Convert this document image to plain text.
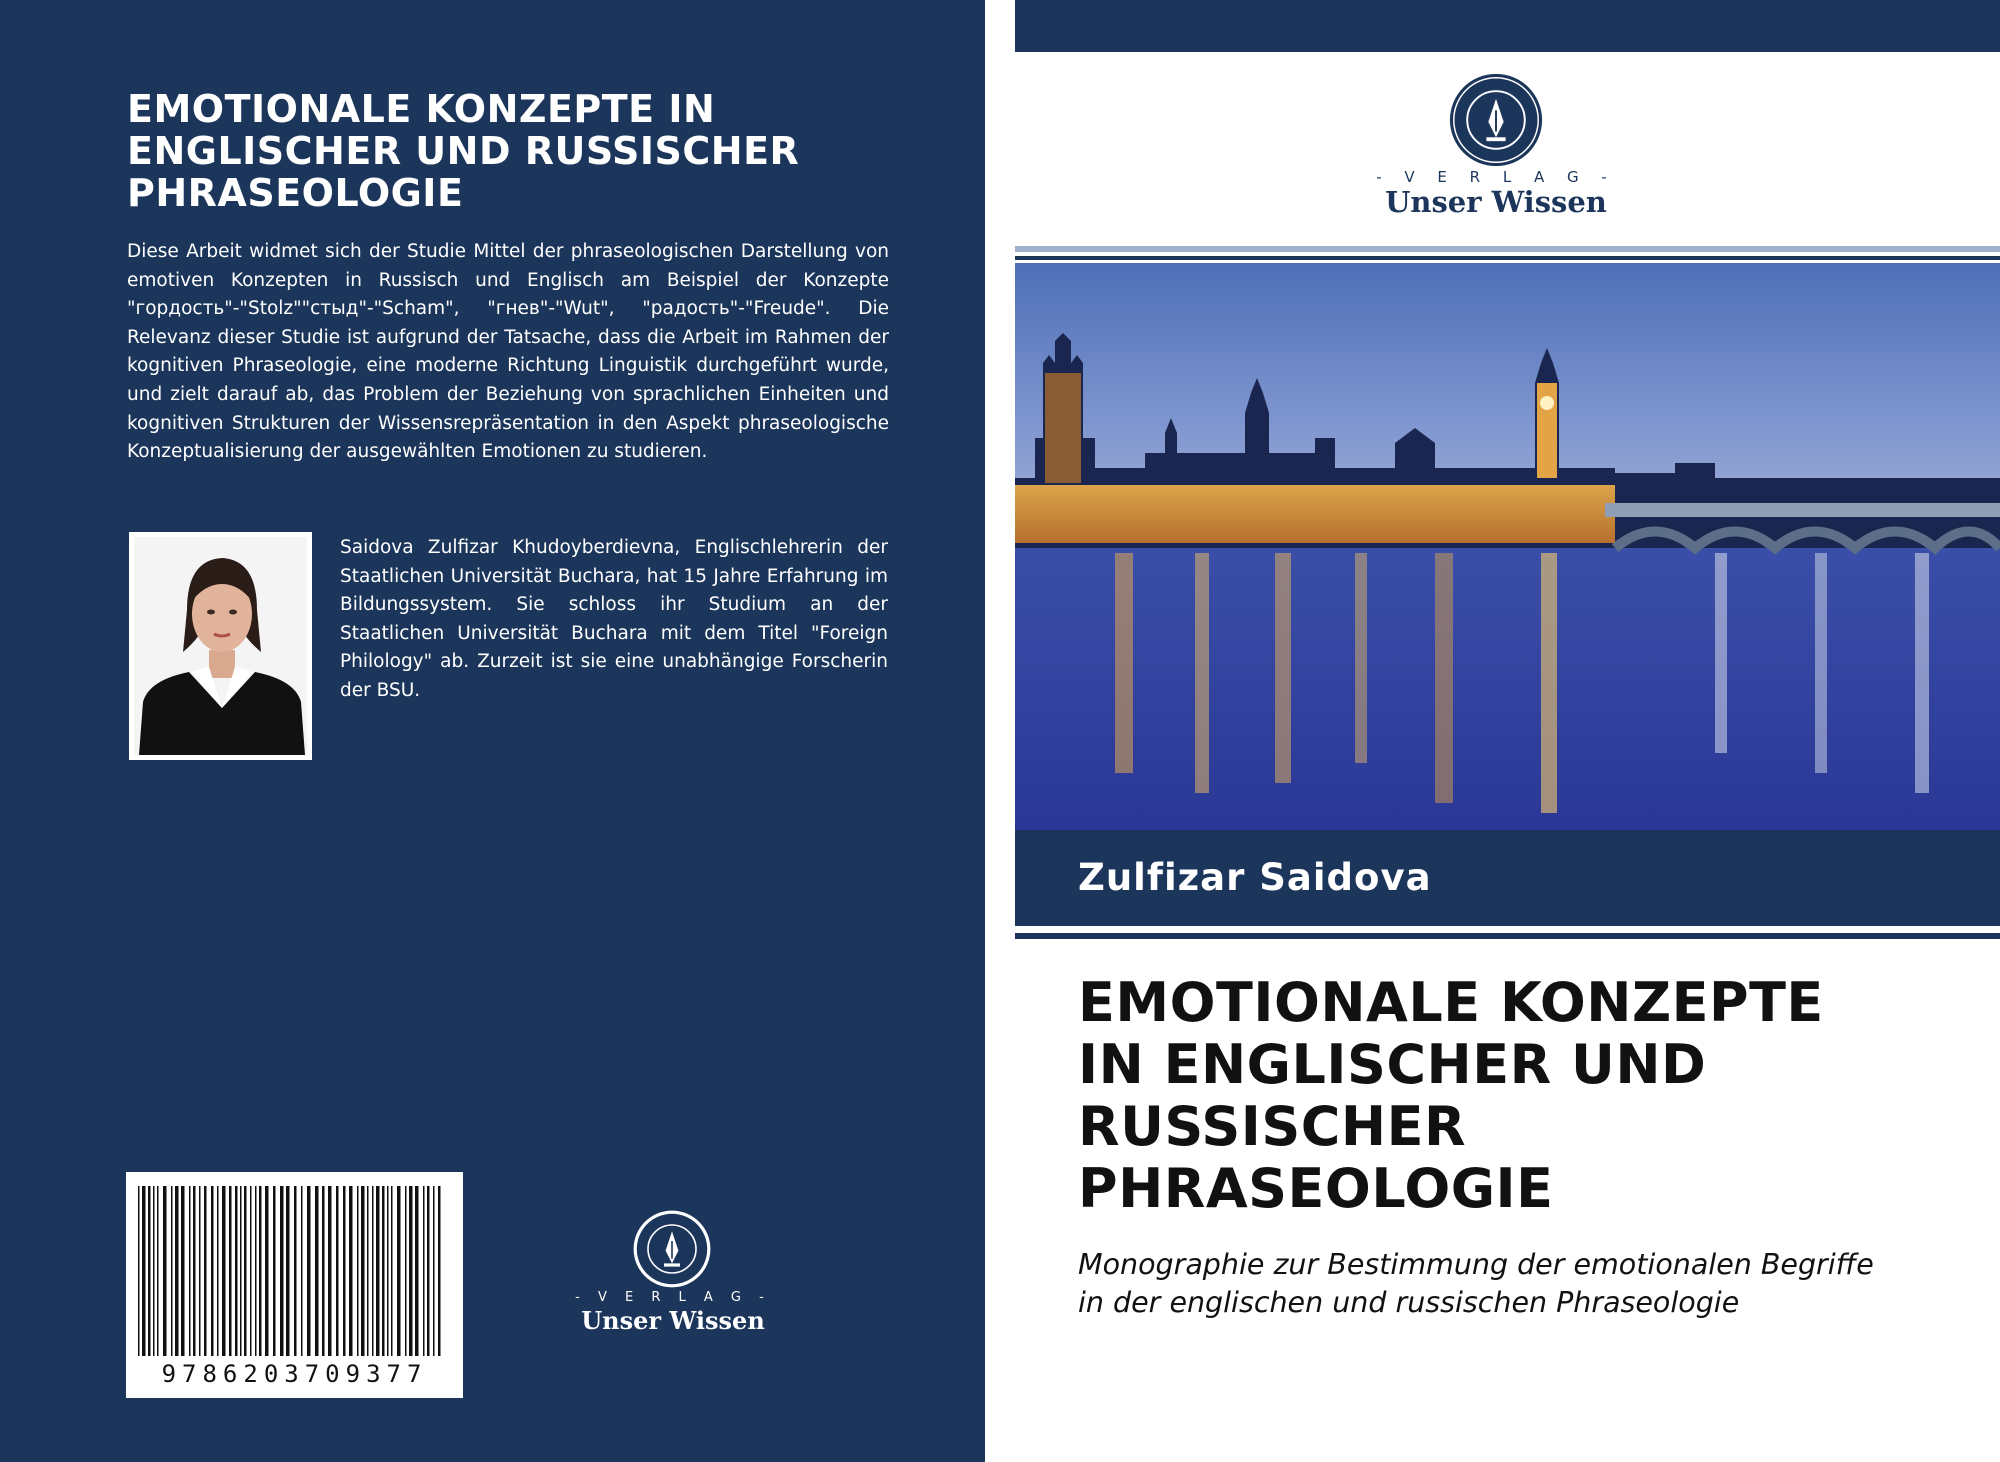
EMOTIONALE KONZEPTE IN
ENGLISCHER UND RUSSISCHER
PHRASEOLOGIE
Diese Arbeit widmet sich der Studie Mittel der phraseologischen Darstellung von emotiven Konzepten in Russisch und Englisch am Beispiel der Konzepte "гордость"-"Stolz""стыд"-"Scham", "гнев"-"Wut", "радость"-"Freude". Die Relevanz dieser Studie ist aufgrund der Tatsache, dass die Arbeit im Rahmen der kognitiven Phraseologie, eine moderne Richtung Linguistik durchgeführt wurde, und zielt darauf ab, das Problem der Beziehung von sprachlichen Einheiten und kognitiven Strukturen der Wissensrepräsentation in den Aspekt phraseologische Konzeptualisierung der ausgewählten Emotionen zu studieren.
Saidova Zulfizar Khudoyberdievna, Englischlehrerin der Staatlichen Universität Buchara, hat 15 Jahre Erfahrung im Bildungssystem. Sie schloss ihr Studium an der Staatlichen Universität Buchara mit dem Titel "Foreign Philology" ab. Zurzeit ist sie eine unabhängige Forscherin der BSU.
9786203709377
- V E R L A G -
Unser Wissen
- V E R L A G -
Unser Wissen
Zulfizar Saidova
EMOTIONALE KONZEPTE
IN ENGLISCHER UND
RUSSISCHER
PHRASEOLOGIE
Monographie zur Bestimmung der emotionalen Begriffe
in der englischen und russischen Phraseologie
